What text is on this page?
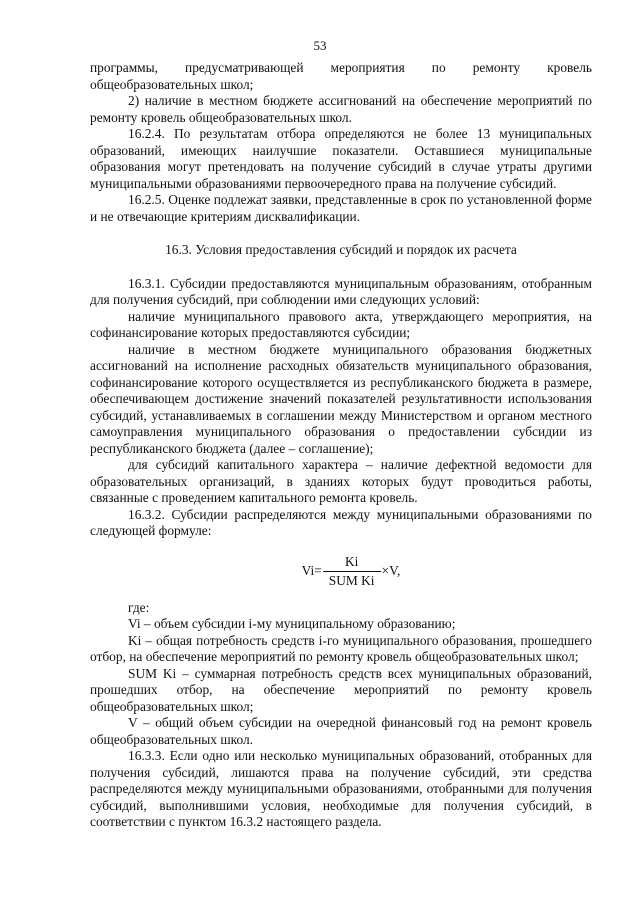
53

программы, предусматривающей мероприятия по ремонту кровель общеобразовательных школ;

2) наличие в местном бюджете ассигнований на обеспечение мероприятий по ремонту кровель общеобразовательных школ.

16.2.4. По результатам отбора определяются не более 13 муниципальных образований, имеющих наилучшие показатели. Оставшиеся муниципальные образования могут претендовать на получение субсидий в случае утраты другими муниципальными образованиями первоочередного права на получение субсидий.

16.2.5. Оценке подлежат заявки, представленные в срок по установленной форме и не отвечающие критериям дисквалификации.

16.3. Условия предоставления субсидий и порядок их расчета

16.3.1. Субсидии предоставляются муниципальным образованиям, отобранным для получения субсидий, при соблюдении ими следующих условий:

наличие муниципального правового акта, утверждающего мероприятия, на софинансирование которых предоставляются субсидии;

наличие в местном бюджете муниципального образования бюджетных ассигнований на исполнение расходных обязательств муниципального образования, софинансирование которого осуществляется из республиканского бюджета в размере, обеспечивающем достижение значений показателей результативности использования субсидий, устанавливаемых в соглашении между Министерством и органом местного самоуправления муниципального образования о предоставлении субсидии из республиканского бюджета (далее – соглашение);

для субсидий капитального характера – наличие дефектной ведомости для образовательных организаций, в зданиях которых будут проводиться работы, связанные с проведением капитального ремонта кровель.

16.3.2. Субсидии распределяются между муниципальными образованиями по следующей формуле:

$Vi= \frac{Ki}{\text{SUM Ki}} \times V$,

где:

Vi – объем субсидии i-му муниципальному образованию;

Ki – общая потребность средств i-го муниципального образования, прошедшего отбор, на обеспечение мероприятий по ремонту кровель общеобразовательных школ;

SUM Ki – суммарная потребность средств всех муниципальных образований, прошедших отбор, на обеспечение мероприятий по ремонту кровель общеобразовательных школ;

V – общий объем субсидии на очередной финансовый год на ремонт кровель общеобразовательных школ.

16.3.3. Если одно или несколько муниципальных образований, отобранных для получения субсидий, лишаются права на получение субсидий, эти средства распределяются между муниципальными образованиями, отобранными для получения субсидий, выполнившими условия, необходимые для получения субсидий, в соответствии с пунктом 16.3.2 настоящего раздела.
